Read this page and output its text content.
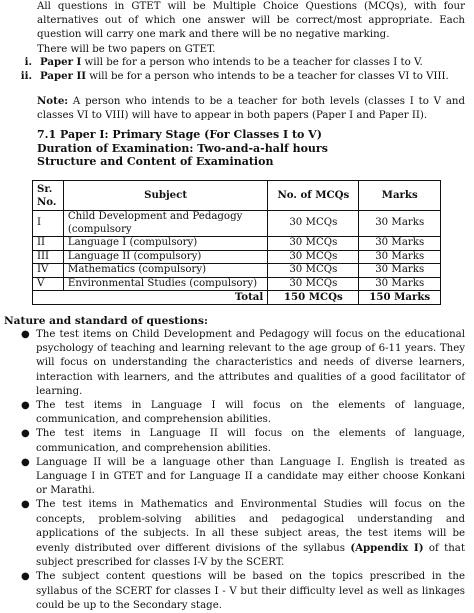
All questions in GTET will be Multiple Choice Questions (MCQs), with four alternatives out of which one answer will be correct/most appropriate. Each question will carry one mark and there will be no negative marking.

There will be two papers on GTET.

i. Paper I will be for a person who intends to be a teacher for classes I to V.
ii. Paper II will be for a person who intends to be a teacher for classes VI to VIII.

Note: A person who intends to be a teacher for both levels (classes I to V and classes VI to VIII) will have to appear in both papers (Paper I and Paper II).

7.1 Paper I: Primary Stage (For Classes I to V)
Duration of Examination: Two-and-a-half hours
Structure and Content of Examination
Sr. No.	Subject	No. of MCQs	Marks
I	Child Development and Pedagogy (compulsory	30 MCQs	30 Marks
II	Language I (compulsory)	30 MCQs	30 Marks
III	Language II (compulsory)	30 MCQs	30 Marks
IV	Mathematics (compulsory)	30 MCQs	30 Marks
V	Environmental Studies (compulsory)	30 MCQs	30 Marks
Total		150 MCQs	150 Marks
Nature and standard of questions:
● The test items on Child Development and Pedagogy will focus on the educational psychology of teaching and learning relevant to the age group of 6-11 years. They will focus on understanding the characteristics and needs of diverse learners, interaction with learners, and the attributes and qualities of a good facilitator of learning.
● The test items in Language I will focus on the elements of language, communication, and comprehension abilities.
● The test items in Language II will focus on the elements of language, communication, and comprehension abilities.
● Language II will be a language other than Language I. English is treated as Language I in GTET and for Language II a candidate may either choose Konkani or Marathi.
● The test items in Mathematics and Environmental Studies will focus on the concepts, problem-solving abilities and pedagogical understanding and applications of the subjects. In all these subject areas, the test items will be evenly distributed over different divisions of the syllabus (Appendix I) of that subject prescribed for classes I-V by the SCERT.
● The subject content questions will be based on the topics prescribed in the syllabus of the SCERT for classes I - V but their difficulty level as well as linkages could be up to the Secondary stage.
